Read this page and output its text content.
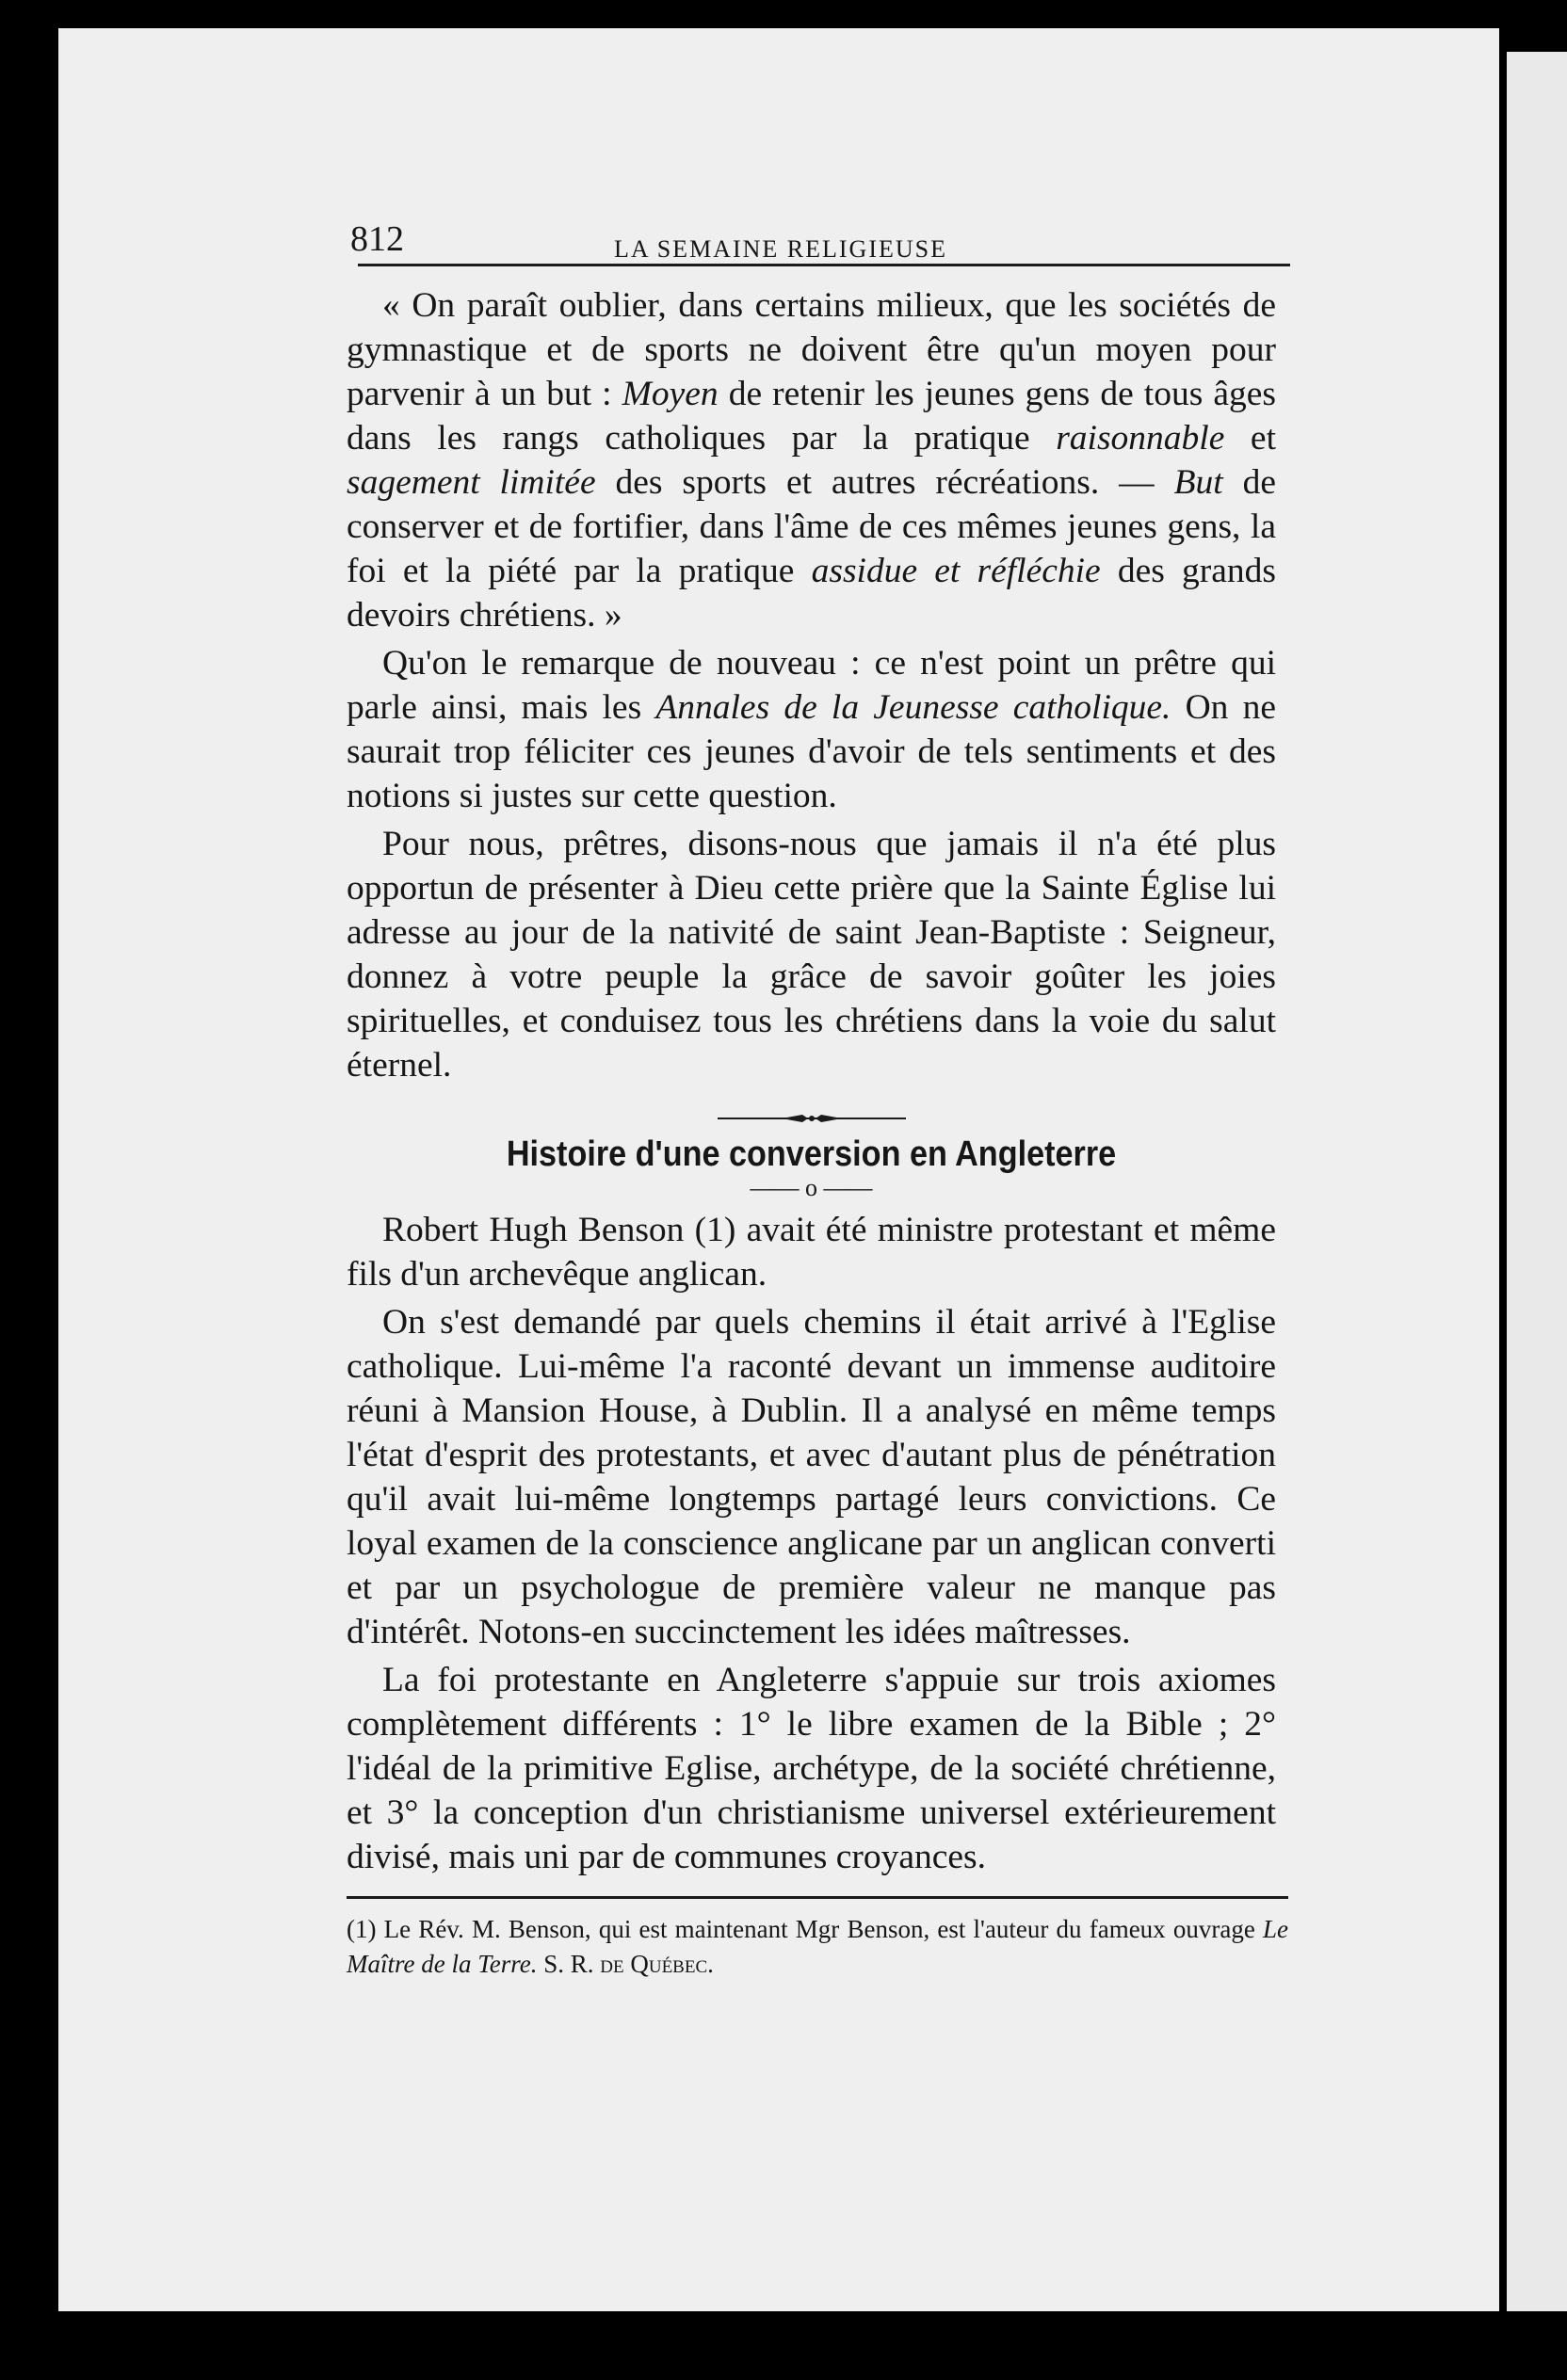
812	LA SEMAINE RELIGIEUSE

« On paraît oublier, dans certains milieux, que les sociétés de gymnastique et de sports ne doivent être qu'un moyen pour parvenir à un but : Moyen de retenir les jeunes gens de tous âges dans les rangs catholiques par la pratique raisonnable et sagement limitée des sports et autres récréations. — But de conserver et de fortifier, dans l'âme de ces mêmes jeunes gens, la foi et la piété par la pratique assidue et réfléchie des grands devoirs chrétiens. »

Qu'on le remarque de nouveau : ce n'est point un prêtre qui parle ainsi, mais les Annales de la Jeunesse catholique. On ne saurait trop féliciter ces jeunes d'avoir de tels sentiments et des notions si justes sur cette question.

Pour nous, prêtres, disons-nous que jamais il n'a été plus opportun de présenter à Dieu cette prière que la Sainte Église lui adresse au jour de la nativité de saint Jean-Baptiste : Seigneur, donnez à votre peuple la grâce de savoir goûter les joies spirituelles, et conduisez tous les chrétiens dans la voie du salut éternel.

Histoire d'une conversion en Angleterre
—— o ——

Robert Hugh Benson (1) avait été ministre protestant et même fils d'un archevêque anglican.

On s'est demandé par quels chemins il était arrivé à l'Eglise catholique. Lui-même l'a raconté devant un immense auditoire réuni à Mansion House, à Dublin. Il a analysé en même temps l'état d'esprit des protestants, et avec d'autant plus de pénétration qu'il avait lui-même longtemps partagé leurs convictions. Ce loyal examen de la conscience anglicane par un anglican converti et par un psychologue de première valeur ne manque pas d'intérêt. Notons-en succinctement les idées maîtresses.

La foi protestante en Angleterre s'appuie sur trois axiomes complètement différents : 1° le libre examen de la Bible ; 2° l'idéal de la primitive Eglise, archétype, de la société chrétienne, et 3° la conception d'un christianisme universel extérieurement divisé, mais uni par de communes croyances.

(1) Le Rév. M. Benson, qui est maintenant Mgr Benson, est l'auteur du fameux ouvrage Le Maître de la Terre. S. R. de Québec.
